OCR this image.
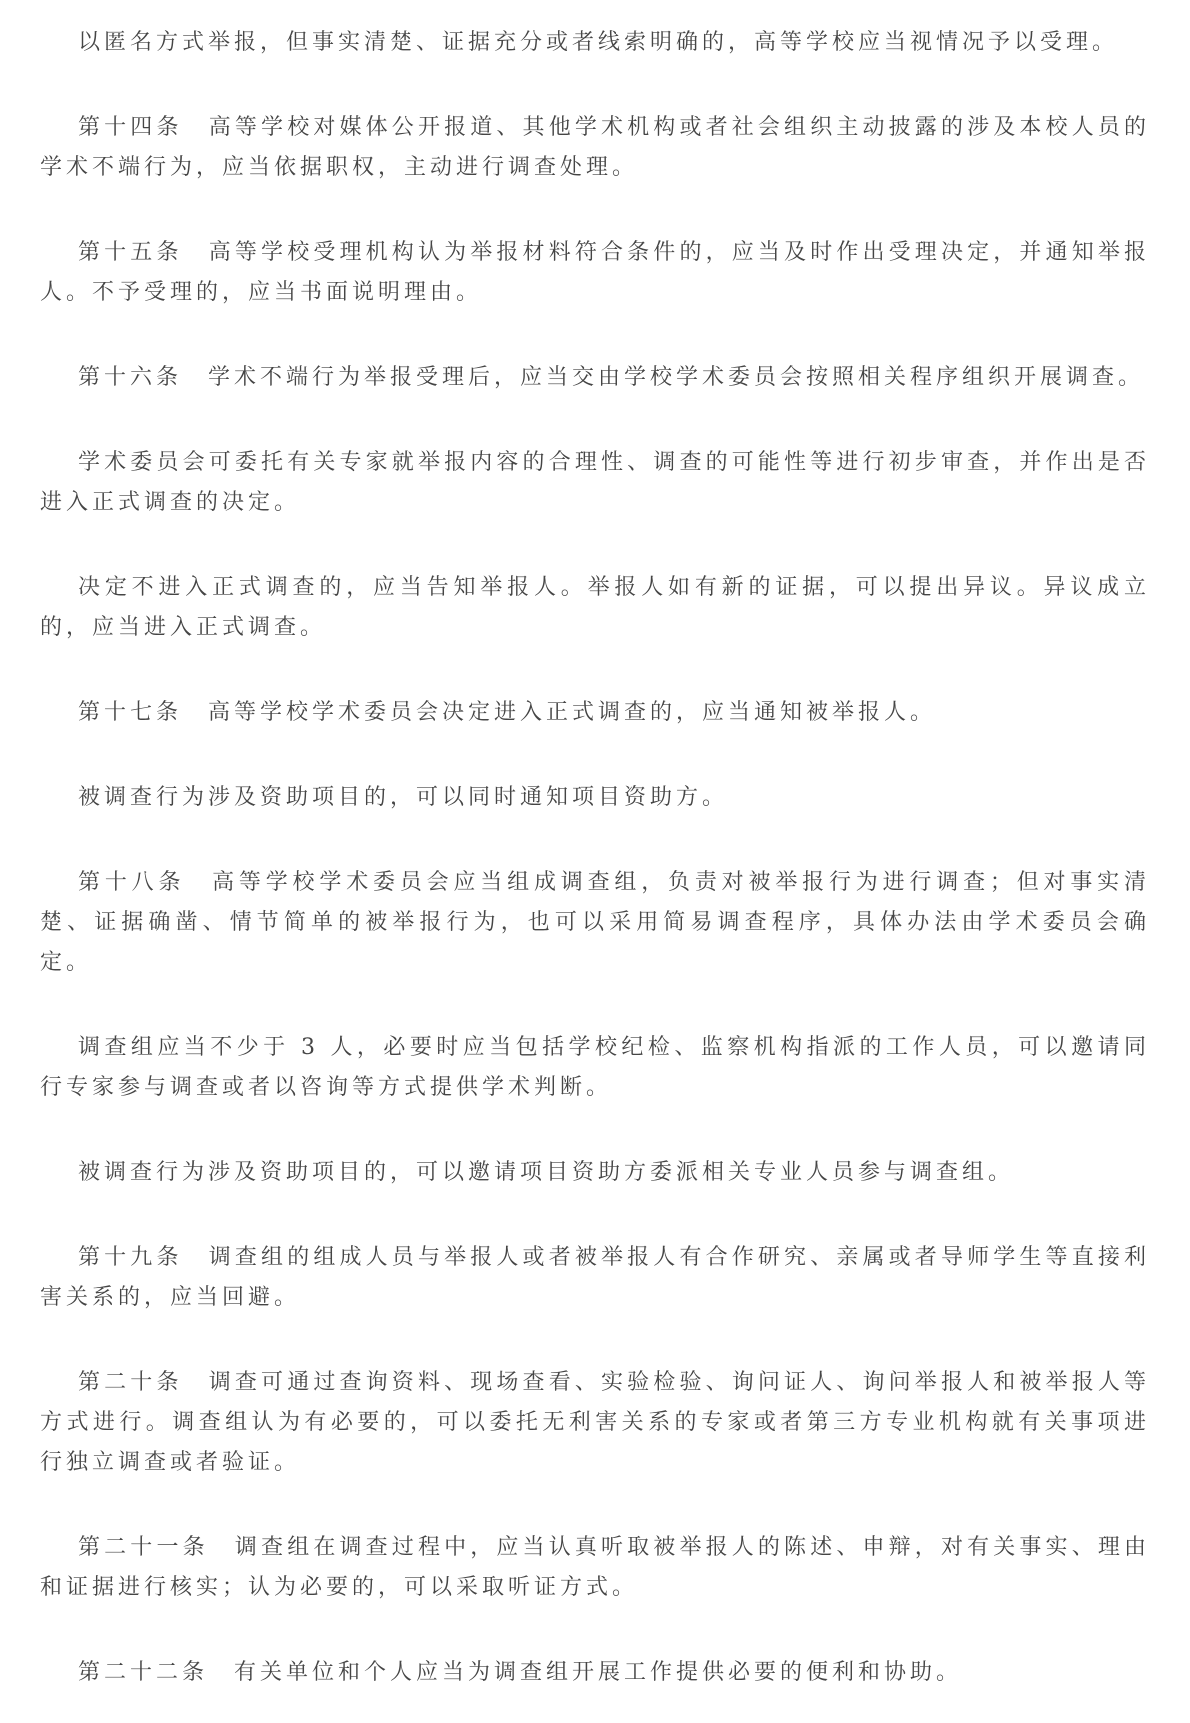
以匿名方式举报，但事实清楚、证据充分或者线索明确的，高等学校应当视情况予以受理。

第十四条　高等学校对媒体公开报道、其他学术机构或者社会组织主动披露的涉及本校人员的学术不端行为，应当依据职权，主动进行调查处理。

第十五条　高等学校受理机构认为举报材料符合条件的，应当及时作出受理决定，并通知举报人。不予受理的，应当书面说明理由。

第十六条　学术不端行为举报受理后，应当交由学校学术委员会按照相关程序组织开展调查。

学术委员会可委托有关专家就举报内容的合理性、调查的可能性等进行初步审查，并作出是否进入正式调查的决定。

决定不进入正式调查的，应当告知举报人。举报人如有新的证据，可以提出异议。异议成立的，应当进入正式调查。

第十七条　高等学校学术委员会决定进入正式调查的，应当通知被举报人。

被调查行为涉及资助项目的，可以同时通知项目资助方。

第十八条　高等学校学术委员会应当组成调查组，负责对被举报行为进行调查；但对事实清楚、证据确凿、情节简单的被举报行为，也可以采用简易调查程序，具体办法由学术委员会确定。

调查组应当不少于 3 人，必要时应当包括学校纪检、监察机构指派的工作人员，可以邀请同行专家参与调查或者以咨询等方式提供学术判断。

被调查行为涉及资助项目的，可以邀请项目资助方委派相关专业人员参与调查组。

第十九条　调查组的组成人员与举报人或者被举报人有合作研究、亲属或者导师学生等直接利害关系的，应当回避。

第二十条　调查可通过查询资料、现场查看、实验检验、询问证人、询问举报人和被举报人等方式进行。调查组认为有必要的，可以委托无利害关系的专家或者第三方专业机构就有关事项进行独立调查或者验证。

第二十一条　调查组在调查过程中，应当认真听取被举报人的陈述、申辩，对有关事实、理由和证据进行核实；认为必要的，可以采取听证方式。

第二十二条　有关单位和个人应当为调查组开展工作提供必要的便利和协助。
